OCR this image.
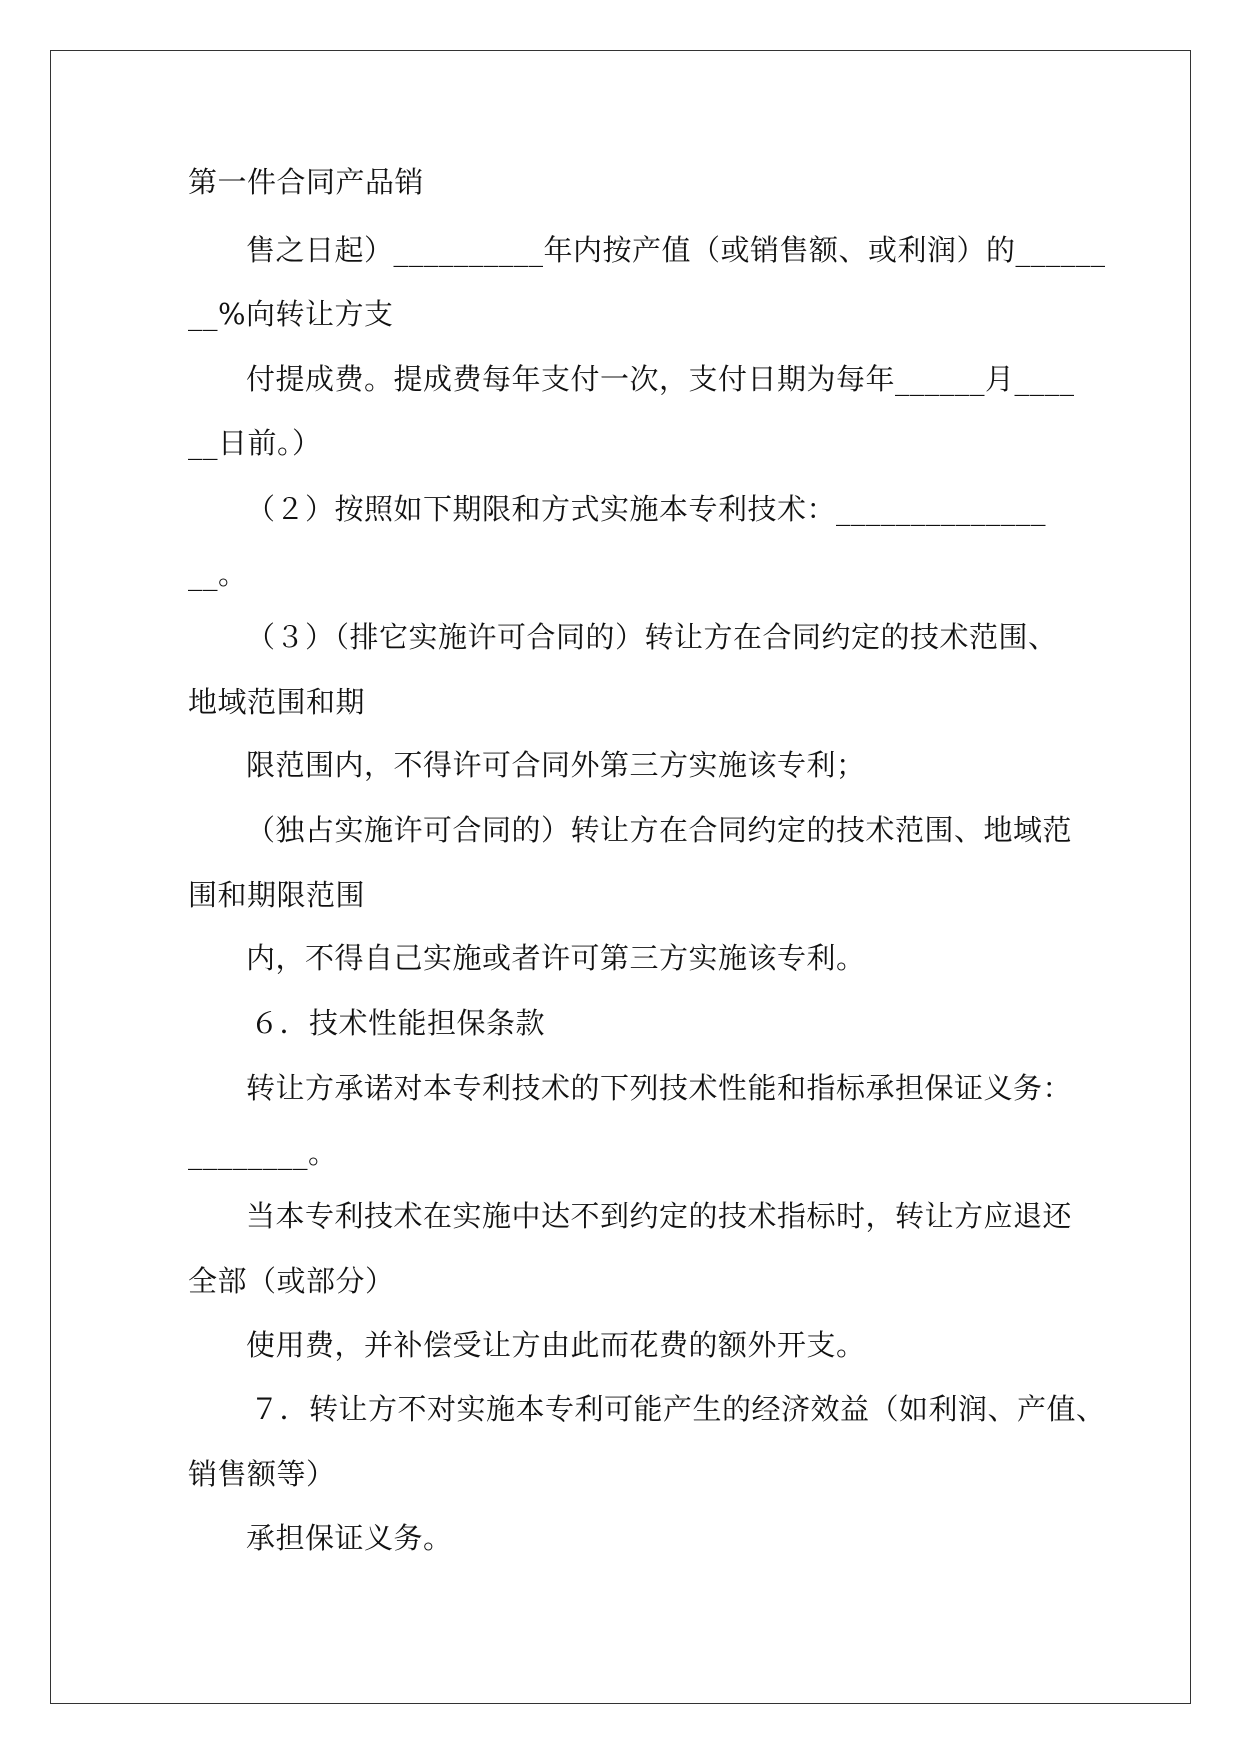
第一件合同产品销
售之日起）__________年内按产值（或销售额、或利润）的______
__%向转让方支
付提成费。提成费每年支付一次，支付日期为每年______月____
__日前。）
（２）按照如下期限和方式实施本专利技术：______________
__。
（３）（排它实施许可合同的）转让方在合同约定的技术范围、
地域范围和期
限范围内，不得许可合同外第三方实施该专利；
（独占实施许可合同的）转让方在合同约定的技术范围、地域范
围和期限范围
内，不得自己实施或者许可第三方实施该专利。
６．技术性能担保条款
转让方承诺对本专利技术的下列技术性能和指标承担保证义务：
________。
当本专利技术在实施中达不到约定的技术指标时，转让方应退还
全部（或部分）
使用费，并补偿受让方由此而花费的额外开支。
７．转让方不对实施本专利可能产生的经济效益（如利润、产值、
销售额等）
承担保证义务。
